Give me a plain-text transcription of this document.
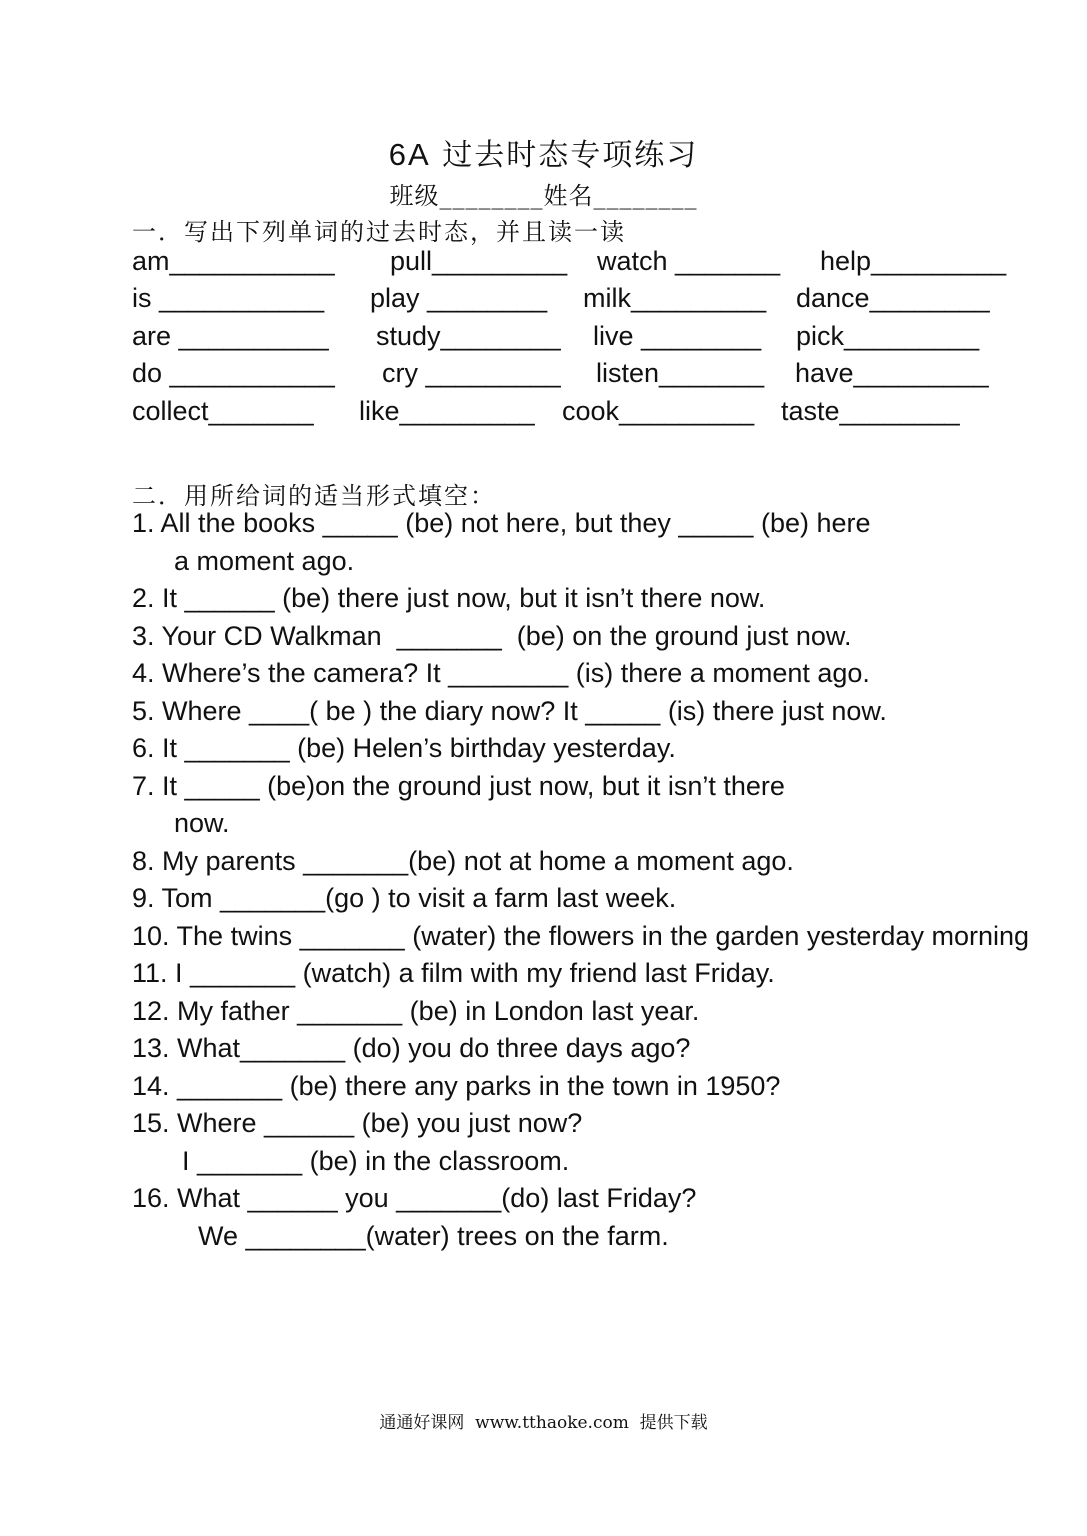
6A 过去时态专项练习
班级________姓名________
一．写出下列单词的过去时态，并且读一读
am___________ pull_________ watch _______ help_________
is ___________ play ________ milk_________ dance________
are __________ study________ live ________ pick_________
do ___________ cry _________ listen_______ have_________
collect_______ like_________ cook_________ taste________
二．用所给词的适当形式填空：
1. All the books _____ (be) not here, but they _____ (be) here
a moment ago.
2. It ______ (be) there just now, but it isn’t there now.
3. Your CD Walkman  _______  (be) on the ground just now.
4. Where’s the camera? It ________ (is) there a moment ago.
5. Where ____( be ) the diary now? It _____ (is) there just now.
6. It _______ (be) Helen’s birthday yesterday.
7. It _____ (be)on the ground just now, but it isn’t there
now.
8. My parents _______(be) not at home a moment ago.
9. Tom _______(go ) to visit a farm last week.
10. The twins _______ (water) the flowers in the garden yesterday morning
11. I _______ (watch) a film with my friend last Friday.
12. My father _______ (be) in London last year.
13. What_______ (do) you do three days ago?
14. _______ (be) there any parks in the town in 1950?
15. Where ______ (be) you just now?
I _______ (be) in the classroom.
16. What ______ you _______(do) last Friday?
We ________(water) trees on the farm.
通通好课网  www.tthaoke.com  提供下载
